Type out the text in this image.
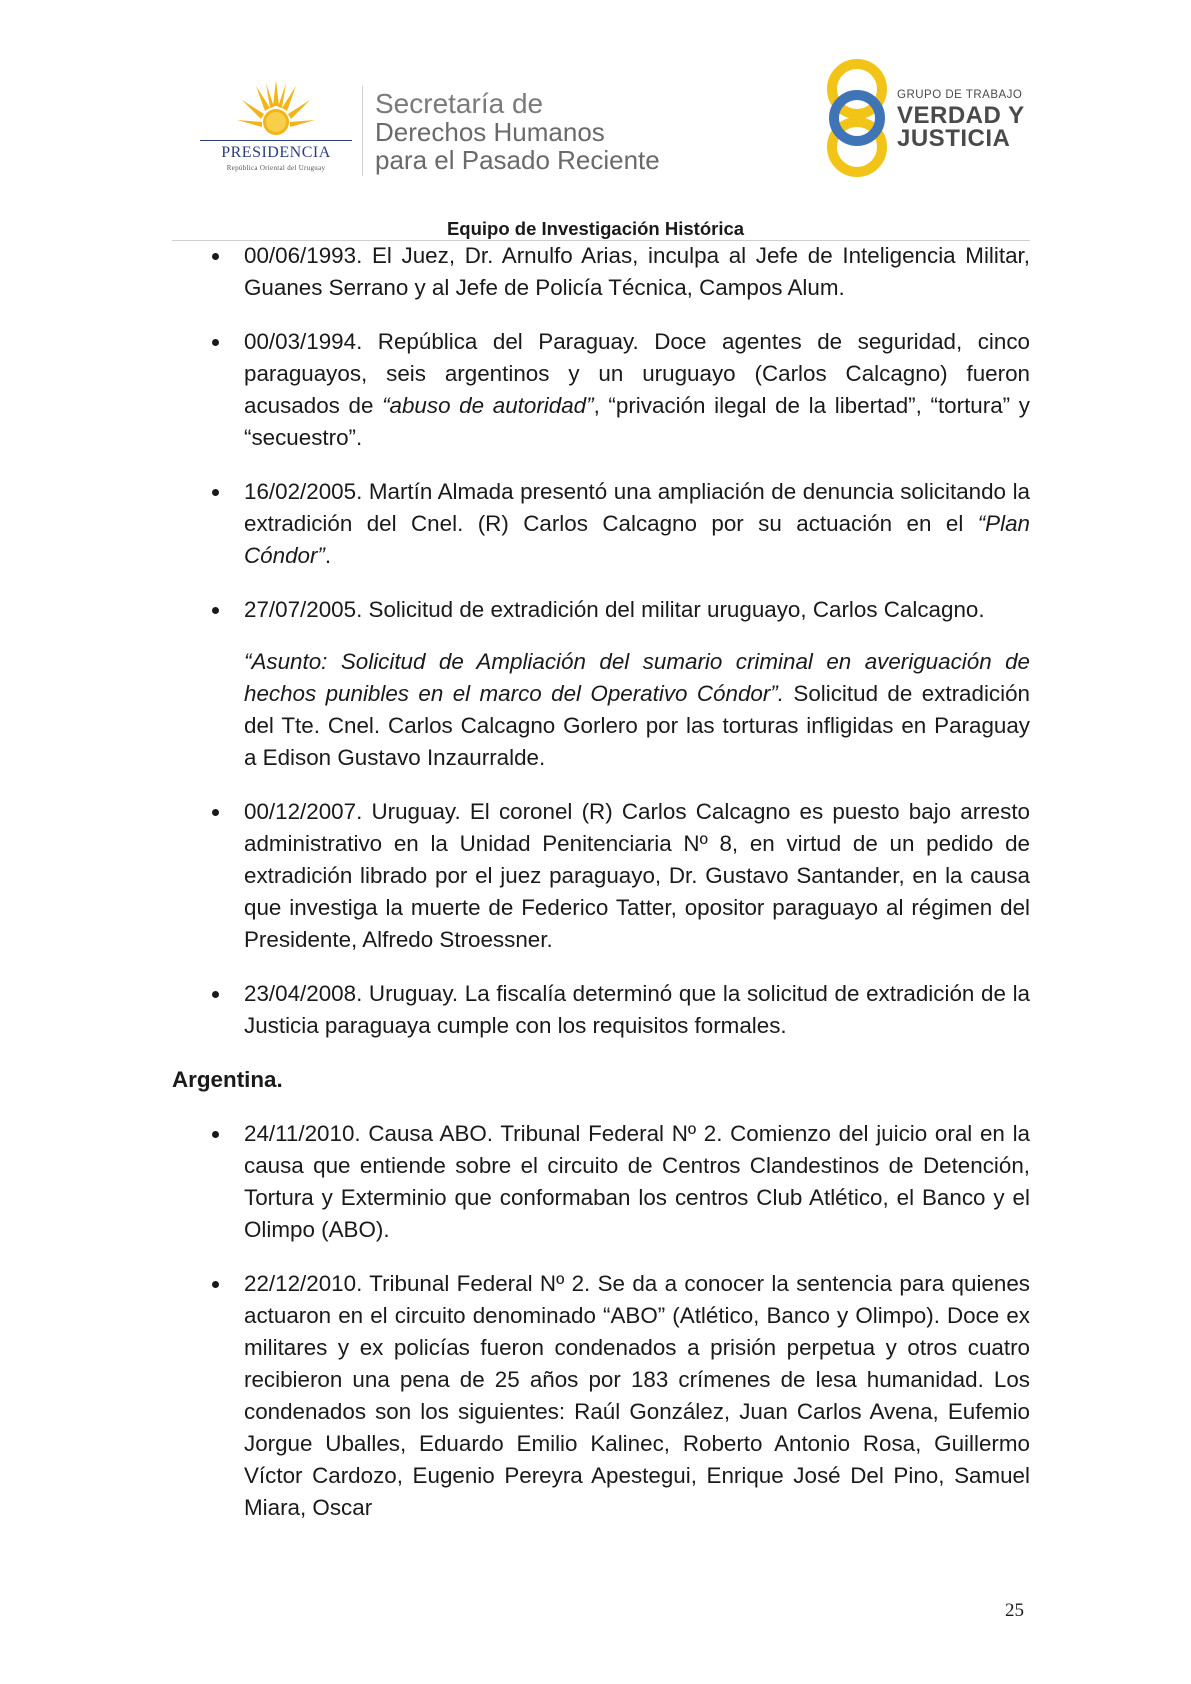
PRESIDENCIA
República Oriental del Uruguay
Secretaría de
Derechos Humanos
para el Pasado Reciente
GRUPO DE TRABAJO
VERDAD Y
JUSTICIA
Equipo de Investigación Histórica

00/06/1993. El Juez, Dr. Arnulfo Arias, inculpa al Jefe de Inteligencia Militar, Guanes Serrano y al Jefe de Policía Técnica, Campos Alum.

00/03/1994. República del Paraguay. Doce agentes de seguridad, cinco paraguayos, seis argentinos y un uruguayo (Carlos Calcagno) fueron acusados de “abuso de autoridad”, “privación ilegal de la libertad”, “tortura” y “secuestro”.

16/02/2005. Martín Almada presentó una ampliación de denuncia solicitando la extradición del Cnel. (R) Carlos Calcagno por su actuación en el “Plan Cóndor”.

27/07/2005. Solicitud de extradición del militar uruguayo, Carlos Calcagno.

“Asunto: Solicitud de Ampliación del sumario criminal en averiguación de hechos punibles en el marco del Operativo Cóndor”. Solicitud de extradición del Tte. Cnel. Carlos Calcagno Gorlero por las torturas infligidas en Paraguay a Edison Gustavo Inzaurralde.

00/12/2007. Uruguay. El coronel (R) Carlos Calcagno es puesto bajo arresto administrativo en la Unidad Penitenciaria Nº 8, en virtud de un pedido de extradición librado por el juez paraguayo, Dr. Gustavo Santander, en la causa que investiga la muerte de Federico Tatter, opositor paraguayo al régimen del Presidente, Alfredo Stroessner.

23/04/2008. Uruguay. La fiscalía determinó que la solicitud de extradición de la Justicia paraguaya cumple con los requisitos formales.

Argentina.

24/11/2010. Causa ABO. Tribunal Federal Nº 2. Comienzo del juicio oral en la causa que entiende sobre el circuito de Centros Clandestinos de Detención, Tortura y Exterminio que conformaban los centros Club Atlético, el Banco y el Olimpo (ABO).

22/12/2010. Tribunal Federal Nº 2. Se da a conocer la sentencia para quienes actuaron en el circuito denominado “ABO” (Atlético, Banco y Olimpo). Doce ex militares y ex policías fueron condenados a prisión perpetua y otros cuatro recibieron una pena de 25 años por 183 crímenes de lesa humanidad. Los condenados son los siguientes: Raúl González, Juan Carlos Avena, Eufemio Jorgue Uballes, Eduardo Emilio Kalinec, Roberto Antonio Rosa, Guillermo Víctor Cardozo, Eugenio Pereyra Apestegui, Enrique José Del Pino, Samuel Miara, Oscar

25
